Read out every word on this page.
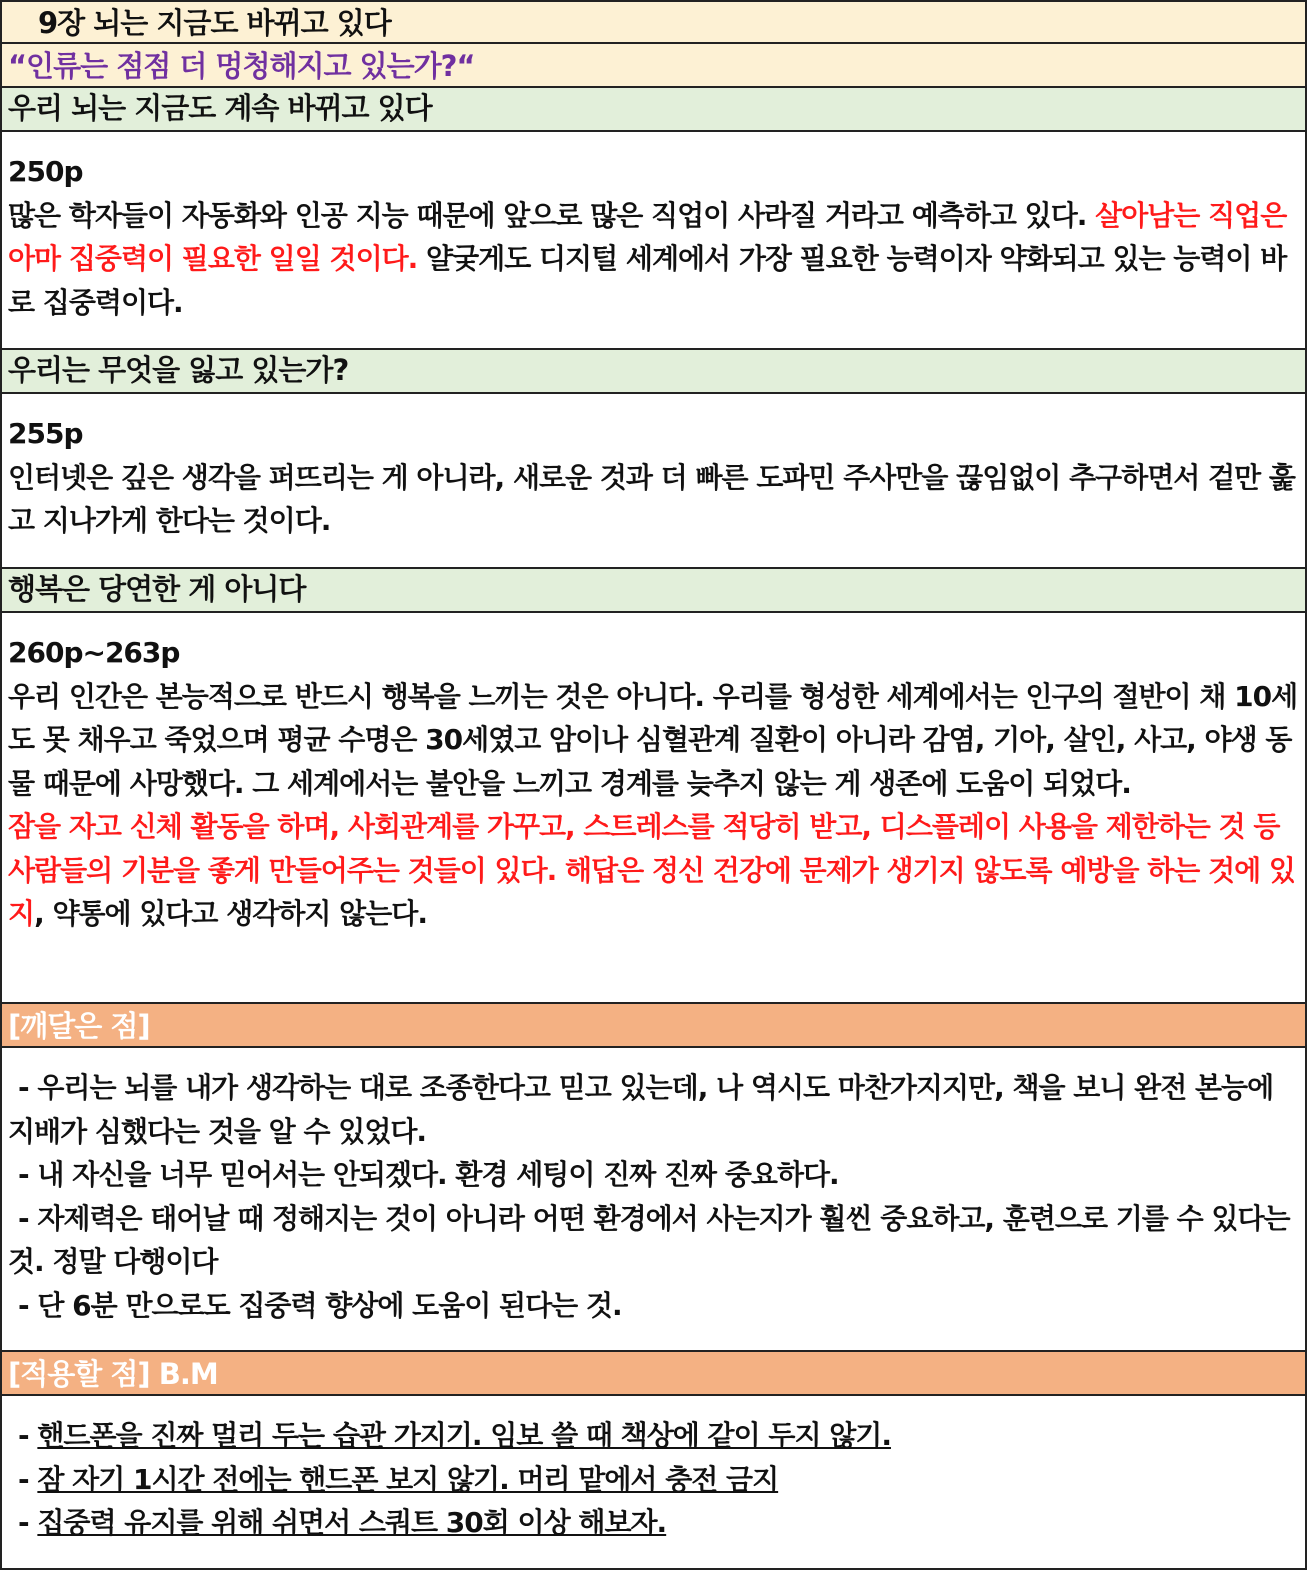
9장 뇌는 지금도 바뀌고 있다
“인류는 점점 더 멍청해지고 있는가?“
우리 뇌는 지금도 계속 바뀌고 있다
250p
많은 학자들이 자동화와 인공 지능 때문에 앞으로 많은 직업이 사라질 거라고 예측하고 있다. 살아남는 직업은 아마 집중력이 필요한 일일 것이다. 얄궂게도 디지털 세계에서 가장 필요한 능력이자 약화되고 있는 능력이 바로 집중력이다.
우리는 무엇을 잃고 있는가?
255p
인터넷은 깊은 생각을 퍼뜨리는 게 아니라, 새로운 것과 더 빠른 도파민 주사만을 끊임없이 추구하면서 겉만 훑고 지나가게 한다는 것이다.
행복은 당연한 게 아니다
260p~263p
우리 인간은 본능적으로 반드시 행복을 느끼는 것은 아니다. 우리를 형성한 세계에서는 인구의 절반이 채 10세도 못 채우고 죽었으며 평균 수명은 30세였고 암이나 심혈관계 질환이 아니라 감염, 기아, 살인, 사고, 야생 동물 때문에 사망했다. 그 세계에서는 불안을 느끼고 경계를 늦추지 않는 게 생존에 도움이 되었다.
잠을 자고 신체 활동을 하며, 사회관계를 가꾸고, 스트레스를 적당히 받고, 디스플레이 사용을 제한하는 것 등 사람들의 기분을 좋게 만들어주는 것들이 있다. 해답은 정신 건강에 문제가 생기지 않도록 예방을 하는 것에 있지, 약통에 있다고 생각하지 않는다.
[깨달은 점]
- 우리는 뇌를 내가 생각하는 대로 조종한다고 믿고 있는데, 나 역시도 마찬가지지만, 책을 보니 완전 본능에 지배가 심했다는 것을 알 수 있었다.
- 내 자신을 너무 믿어서는 안되겠다. 환경 세팅이 진짜 진짜 중요하다.
- 자제력은 태어날 때 정해지는 것이 아니라 어떤 환경에서 사는지가 훨씬 중요하고, 훈련으로 기를 수 있다는 것. 정말 다행이다
- 단 6분 만으로도 집중력 향상에 도움이 된다는 것.
[적용할 점] B.M
- 핸드폰을 진짜 멀리 두는 습관 가지기. 임보 쓸 때 책상에 같이 두지 않기.
- 잠 자기 1시간 전에는 핸드폰 보지 않기. 머리 맡에서 충전 금지
- 집중력 유지를 위해 쉬면서 스쿼트 30회 이상 해보자.
